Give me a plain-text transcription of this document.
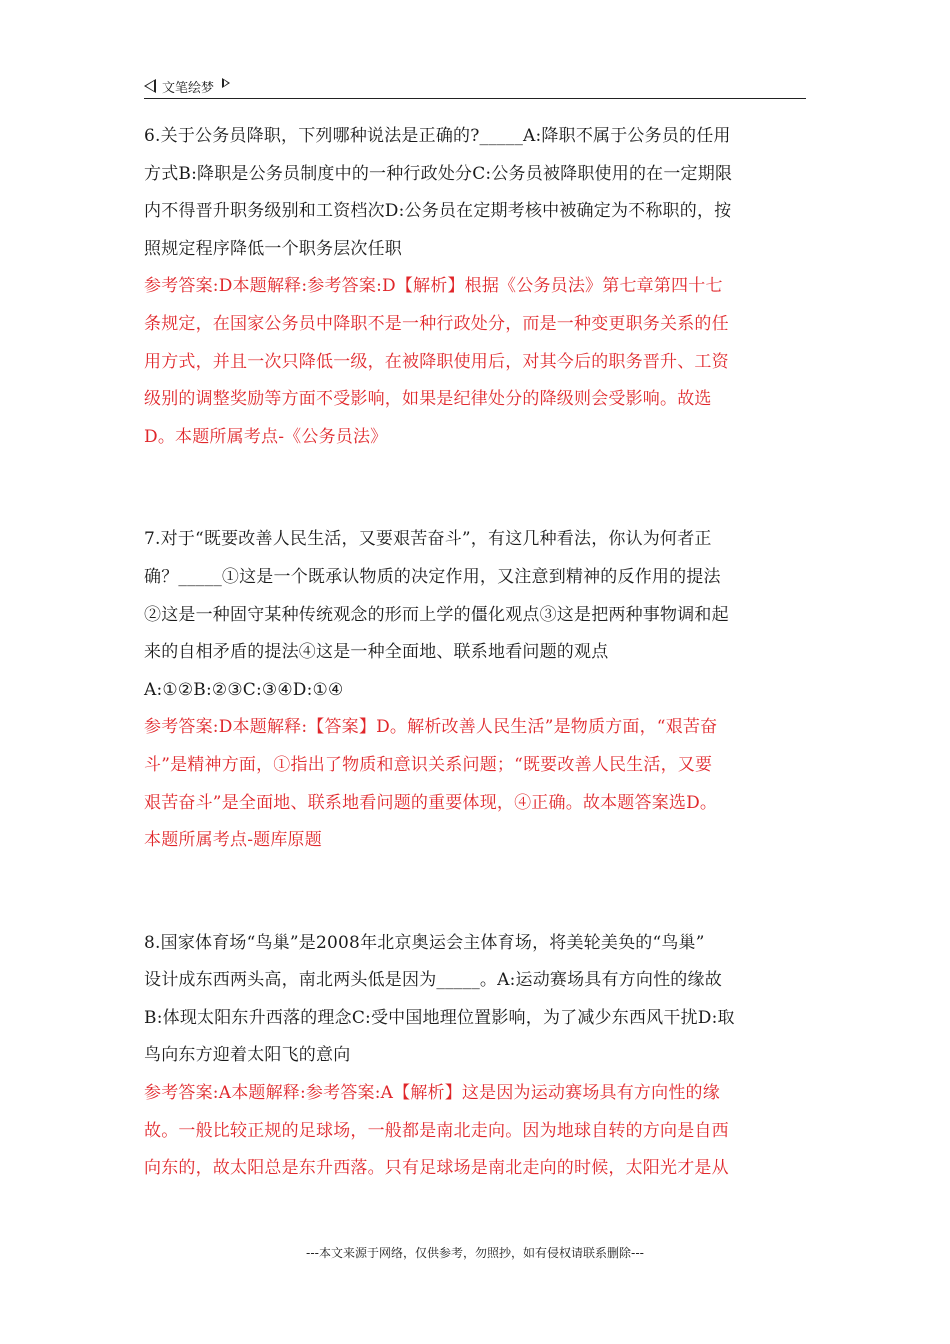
文笔绘梦
6.关于公务员降职，下列哪种说法是正确的?_____A:降职不属于公务员的任用
方式B:降职是公务员制度中的一种行政处分C:公务员被降职使用的在一定期限
内不得晋升职务级别和工资档次D:公务员在定期考核中被确定为不称职的，按
照规定程序降低一个职务层次任职
参考答案:D本题解释:参考答案:D【解析】根据《公务员法》第七章第四十七
条规定，在国家公务员中降职不是一种行政处分，而是一种变更职务关系的任
用方式，并且一次只降低一级，在被降职使用后，对其今后的职务晋升、工资
级别的调整奖励等方面不受影响，如果是纪律处分的降级则会受影响。故选
D。本题所属考点-《公务员法》
7.对于“既要改善人民生活，又要艰苦奋斗”，有这几种看法，你认为何者正
确？_____①这是一个既承认物质的决定作用，又注意到精神的反作用的提法
②这是一种固守某种传统观念的形而上学的僵化观点③这是把两种事物调和起
来的自相矛盾的提法④这是一种全面地、联系地看问题的观点
A:①②B:②③C:③④D:①④
参考答案:D本题解释:【答案】D。解析改善人民生活”是物质方面，“艰苦奋
斗”是精神方面，①指出了物质和意识关系问题；“既要改善人民生活，又要
艰苦奋斗”是全面地、联系地看问题的重要体现，④正确。故本题答案选D。
本题所属考点-题库原题
8.国家体育场“鸟巢”是2008年北京奥运会主体育场，将美轮美奂的“鸟巢”
设计成东西两头高，南北两头低是因为_____。A:运动赛场具有方向性的缘故
B:体现太阳东升西落的理念C:受中国地理位置影响，为了减少东西风干扰D:取
鸟向东方迎着太阳飞的意向
参考答案:A本题解释:参考答案:A【解析】这是因为运动赛场具有方向性的缘
故。一般比较正规的足球场，一般都是南北走向。因为地球自转的方向是自西
向东的，故太阳总是东升西落。只有足球场是南北走向的时候，太阳光才是从
---本文来源于网络，仅供参考，勿照抄，如有侵权请联系删除---
